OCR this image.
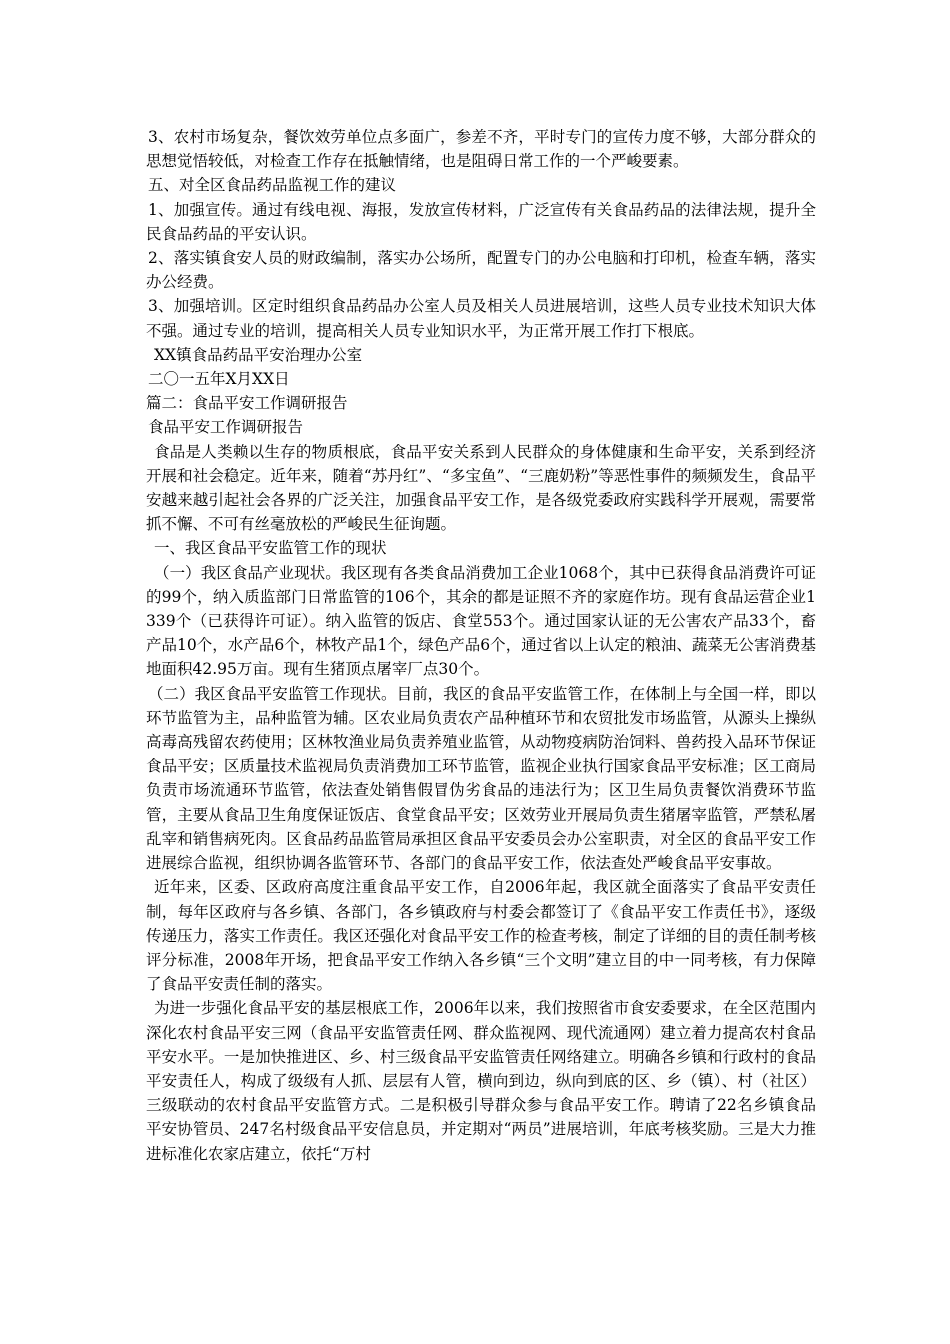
3、农村市场复杂，餐饮效劳单位点多面广，参差不齐，平时专门的宣传力度不够，大部分群众的思想觉悟较低，对检查工作存在抵触情绪，也是阻碍日常工作的一个严峻要素。

五、对全区食品药品监视工作的建议

1、加强宣传。通过有线电视、海报，发放宣传材料，广泛宣传有关食品药品的法律法规，提升全民食品药品的平安认识。

2、落实镇食安人员的财政编制，落实办公场所，配置专门的办公电脑和打印机，检查车辆，落实办公经费。

3、加强培训。区定时组织食品药品办公室人员及相关人员进展培训，这些人员专业技术知识大体不强。通过专业的培训，提高相关人员专业知识水平，为正常开展工作打下根底。

XX镇食品药品平安治理办公室

二〇一五年X月XX日

篇二：食品平安工作调研报告

食品平安工作调研报告

食品是人类赖以生存的物质根底，食品平安关系到人民群众的身体健康和生命平安，关系到经济开展和社会稳定。近年来，随着“苏丹红”、“多宝鱼”、“三鹿奶粉”等恶性事件的频频发生，食品平安越来越引起社会各界的广泛关注，加强食品平安工作，是各级党委政府实践科学开展观，需要常抓不懈、不可有丝毫放松的严峻民生征询题。

一、我区食品平安监管工作的现状

（一）我区食品产业现状。我区现有各类食品消费加工企业1068个，其中已获得食品消费许可证的99个，纳入质监部门日常监管的106个，其余的都是证照不齐的家庭作坊。现有食品运营企业1339个（已获得许可证）。纳入监管的饭店、食堂553个。通过国家认证的无公害农产品33个，畜产品10个，水产品6个，林牧产品1个，绿色产品6个，通过省以上认定的粮油、蔬菜无公害消费基地面积42.95万亩。现有生猪顶点屠宰厂点30个。

（二）我区食品平安监管工作现状。目前，我区的食品平安监管工作，在体制上与全国一样，即以环节监管为主，品种监管为辅。区农业局负责农产品种植环节和农贸批发市场监管，从源头上操纵高毒高残留农药使用；区林牧渔业局负责养殖业监管，从动物疫病防治饲料、兽药投入品环节保证食品平安；区质量技术监视局负责消费加工环节监管，监视企业执行国家食品平安标准；区工商局负责市场流通环节监管，依法查处销售假冒伪劣食品的违法行为；区卫生局负责餐饮消费环节监管，主要从食品卫生角度保证饭店、食堂食品平安；区效劳业开展局负责生猪屠宰监管，严禁私屠乱宰和销售病死肉。区食品药品监管局承担区食品平安委员会办公室职责，对全区的食品平安工作进展综合监视，组织协调各监管环节、各部门的食品平安工作，依法查处严峻食品平安事故。

近年来，区委、区政府高度注重食品平安工作，自2006年起，我区就全面落实了食品平安责任制，每年区政府与各乡镇、各部门，各乡镇政府与村委会都签订了《食品平安工作责任书》，逐级传递压力，落实工作责任。我区还强化对食品平安工作的检查考核，制定了详细的目的责任制考核评分标准，2008年开场，把食品平安工作纳入各乡镇“三个文明”建立目的中一同考核，有力保障了食品平安责任制的落实。

为进一步强化食品平安的基层根底工作，2006年以来，我们按照省市食安委要求，在全区范围内深化农村食品平安三网（食品平安监管责任网、群众监视网、现代流通网）建立着力提高农村食品平安水平。一是加快推进区、乡、村三级食品平安监管责任网络建立。明确各乡镇和行政村的食品平安责任人，构成了级级有人抓、层层有人管，横向到边，纵向到底的区、乡（镇）、村（社区）三级联动的农村食品平安监管方式。二是积极引导群众参与食品平安工作。聘请了22名乡镇食品平安协管员、247名村级食品平安信息员，并定期对“两员”进展培训，年底考核奖励。三是大力推进标准化农家店建立，依托“万村
